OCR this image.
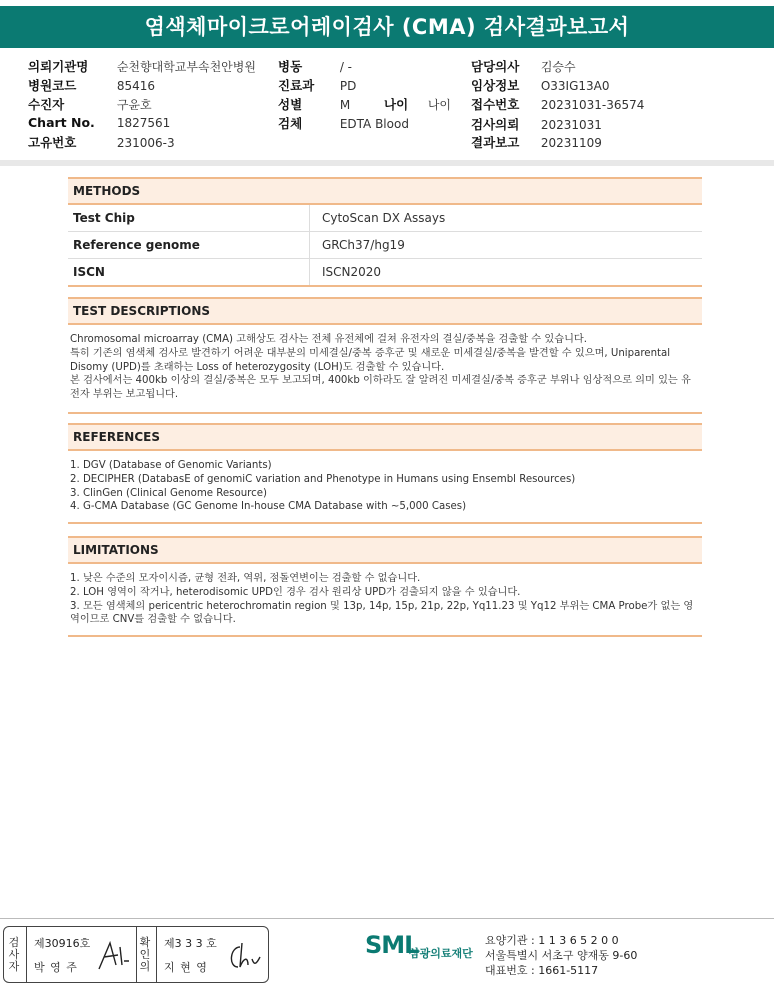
염색체마이크로어레이검사 (CMA) 검사결과보고서
의뢰기관명 순천향대학교부속천안병원
병원코드	85416
수진자	구윤호
Chart No. 1827561
고유번호	231006-3
병동	/ -
진료과 PD
성별	M	나이 나이
검체	EDTA Blood
담당의사 김승수
임상정보 O33IG13A0
접수번호 20231031-36574
검사의뢰 20231031
결과보고 20231109
METHODS
Test Chip	CytoScan DX Assays
Reference genome	GRCh37/hg19
ISCN	ISCN2020
TEST DESCRIPTIONS

Chromosomal microarray (CMA) 고해상도 검사는 전체 유전체에 걸쳐 유전자의 결실/중복을 검출할 수 있습니다.

특히 기존의 염색체 검사로 발견하기 어려운 대부분의 미세결실/중복 증후군 및 새로운 미세결실/중복을 발견할 수 있으며, Uniparental Disomy (UPD)를 초래하는 Loss of heterozygosity (LOH)도 검출할 수 있습니다.

본 검사에서는 400kb 이상의 결실/중복은 모두 보고되며, 400kb 이하라도 잘 알려진 미세결실/중복 증후군 부위나 임상적으로 의미 있는 유전자 부위는 보고됩니다.

REFERENCES

1. DGV (Database of Genomic Variants)

2. DECIPHER (DatabasE of genomiC variation and Phenotype in Humans using Ensembl Resources)

3. ClinGen (Clinical Genome Resource)

4. G-CMA Database (GC Genome In-house CMA Database with ~5,000 Cases)

LIMITATIONS

1. 낮은 수준의 모자이시즘, 균형 전좌, 역위, 점돌연변이는 검출할 수 없습니다.

2. LOH 영역이 작거나, heterodisomic UPD인 경우 검사 원리상 UPD가 검출되지 않을 수 있습니다.

3. 모든 염색체의 pericentric heterochromatin region 및 13p, 14p, 15p, 21p, 22p, Yq11.23 및 Yq12 부위는 CMA Probe가 없는 영역이므로 CNV를 검출할 수 없습니다.

검사자
제30916호
박 영 주
확인의
제3 3 3 호
지 현 영
SML
삼광의료재단
요양기관 : 1 1 3 6 5 2 0 0
서울특별시 서초구 양재동 9-60
대표번호 : 1661-5117
